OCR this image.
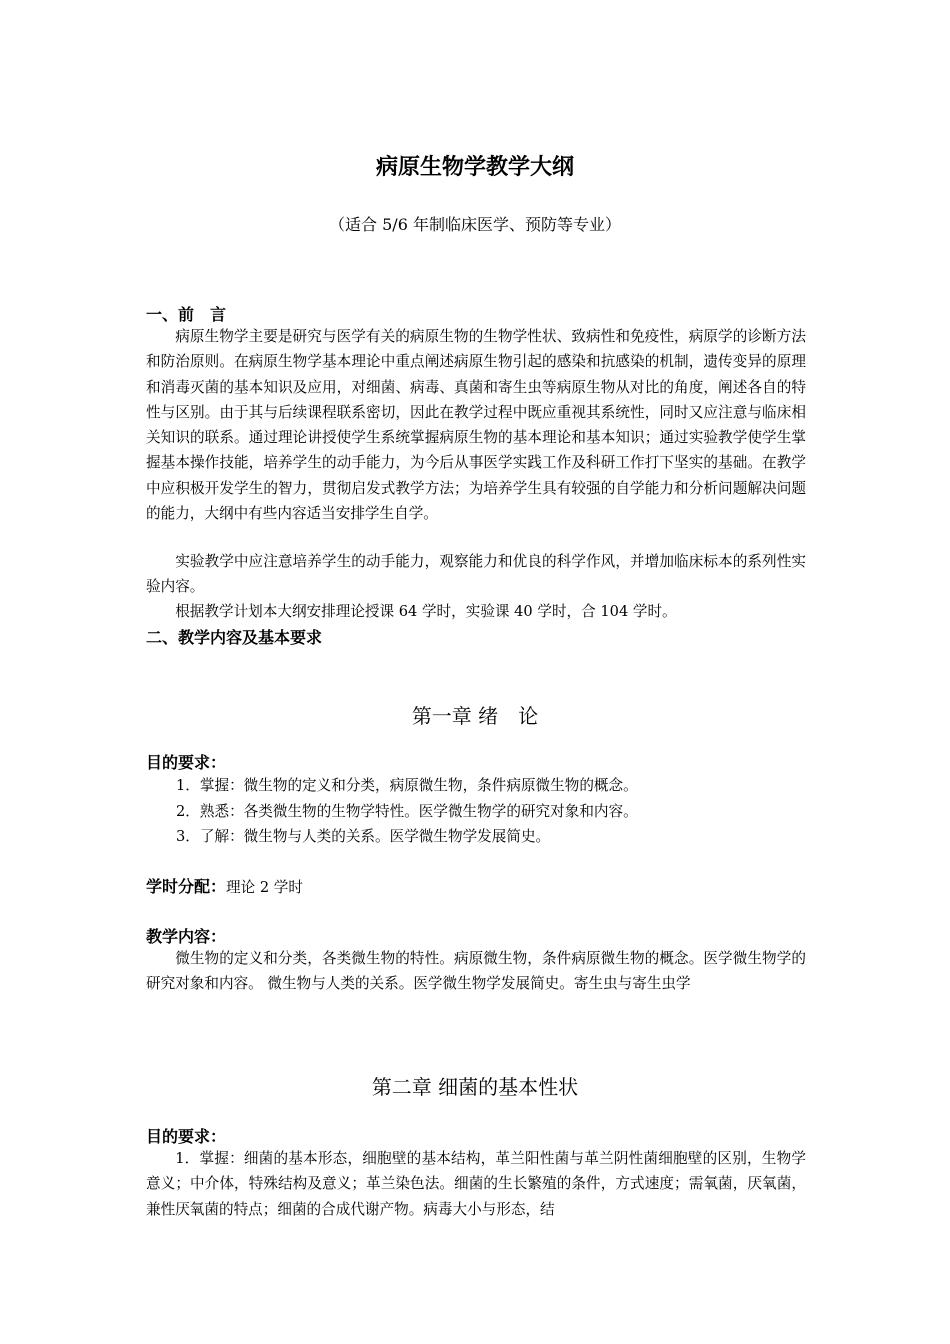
病原生物学教学大纲
（适合 5/6 年制临床医学、预防等专业）
一、前　言
病原生物学主要是研究与医学有关的病原生物的生物学性状、致病性和免疫性，病原学的诊断方法和防治原则。在病原生物学基本理论中重点阐述病原生物引起的感染和抗感染的机制，遗传变异的原理和消毒灭菌的基本知识及应用，对细菌、病毒、真菌和寄生虫等病原生物从对比的角度，阐述各自的特性与区别。由于其与后续课程联系密切，因此在教学过程中既应重视其系统性，同时又应注意与临床相关知识的联系。通过理论讲授使学生系统掌握病原生物的基本理论和基本知识；通过实验教学使学生掌握基本操作技能，培养学生的动手能力，为今后从事医学实践工作及科研工作打下坚实的基础。在教学中应积极开发学生的智力，贯彻启发式教学方法；为培养学生具有较强的自学能力和分析问题解决问题的能力，大纲中有些内容适当安排学生自学。
实验教学中应注意培养学生的动手能力，观察能力和优良的科学作风，并增加临床标本的系列性实验内容。
根据教学计划本大纲安排理论授课 64 学时，实验课 40 学时，合 104 学时。
二、教学内容及基本要求
第一章 绪　论
目的要求：
1．掌握：微生物的定义和分类，病原微生物，条件病原微生物的概念。
2．熟悉：各类微生物的生物学特性。医学微生物学的研究对象和内容。
3．了解：微生物与人类的关系。医学微生物学发展简史。
学时分配：理论 2 学时
教学内容：
微生物的定义和分类，各类微生物的特性。病原微生物，条件病原微生物的概念。医学微生物学的研究对象和内容。 微生物与人类的关系。医学微生物学发展简史。寄生虫与寄生虫学
第二章 细菌的基本性状
目的要求：
1．掌握：细菌的基本形态，细胞壁的基本结构，革兰阳性菌与革兰阴性菌细胞壁的区别，生物学意义；中介体，特殊结构及意义；革兰染色法。细菌的生长繁殖的条件，方式速度；需氧菌，厌氧菌，兼性厌氧菌的特点；细菌的合成代谢产物。病毒大小与形态，结
